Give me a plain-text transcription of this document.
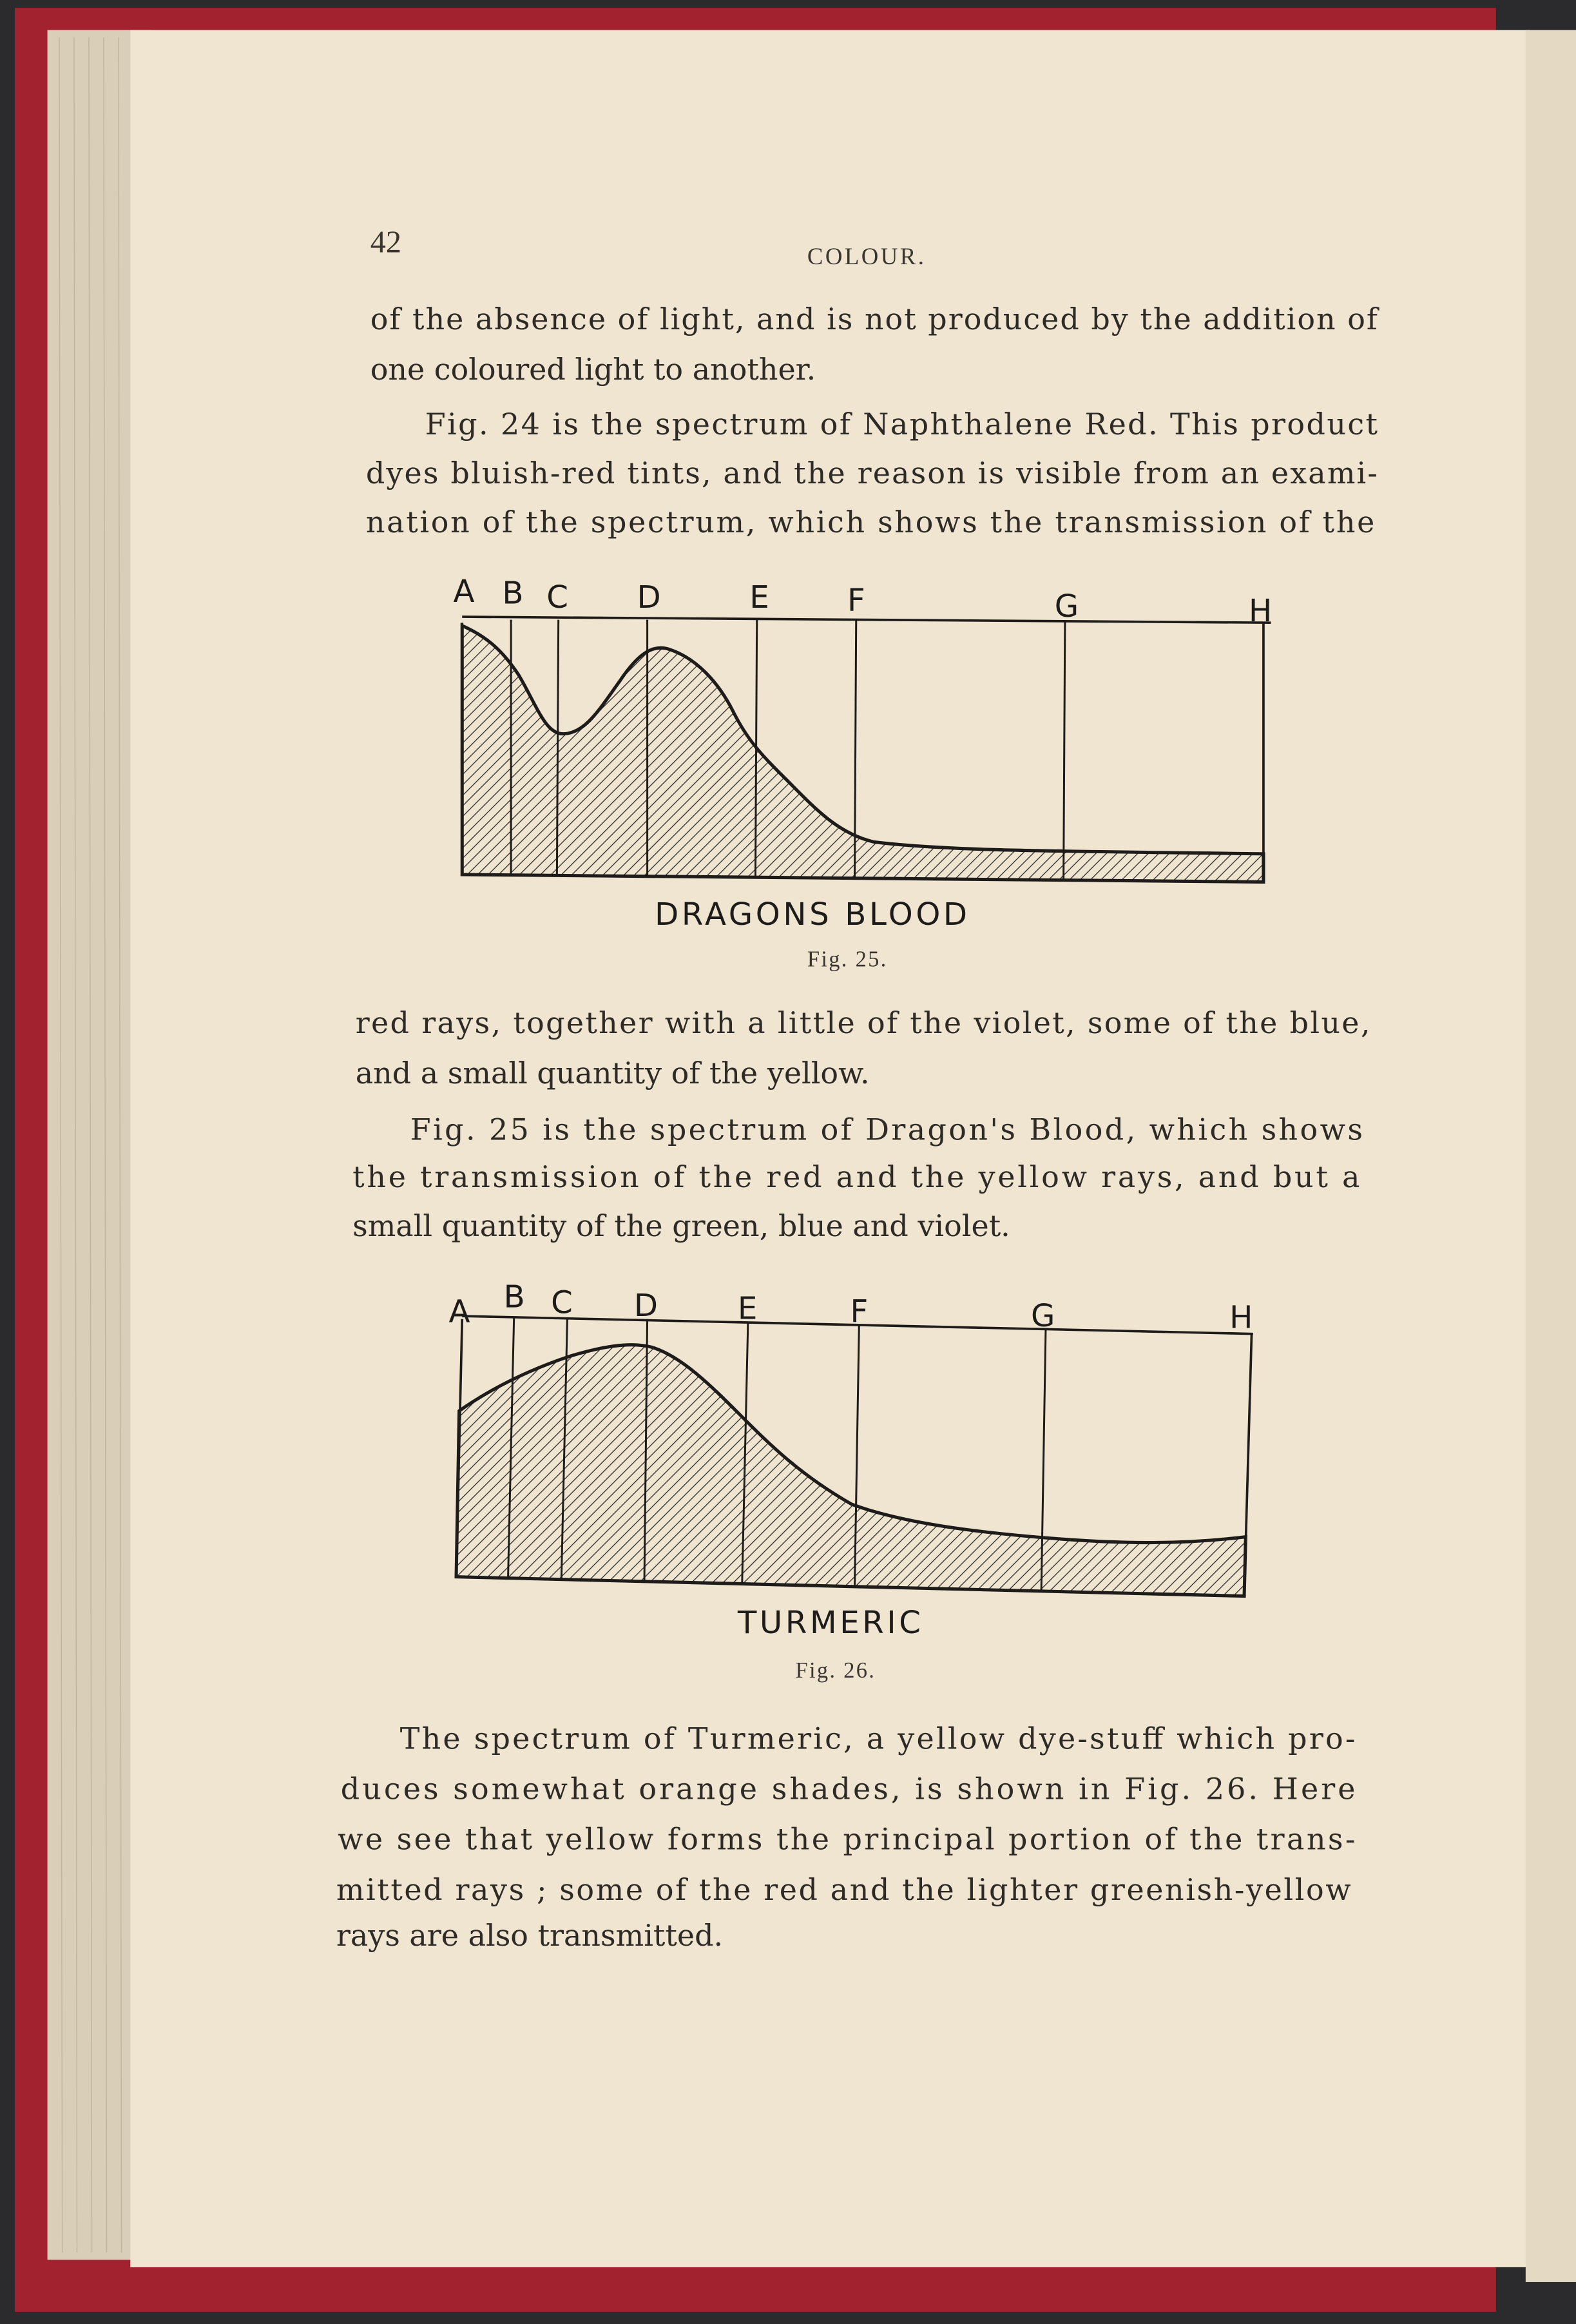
42	COLOUR.
of the absence of light, and is not produced by the addition of
one coloured light to another.
Fig. 24 is the spectrum of Naphthalene Red. This product
dyes bluish-red tints, and the reason is visible from an exami-
nation of the spectrum, which shows the transmission of the
red rays, together with a little of the violet, some of the blue,
and a small quantity of the yellow.
Fig. 25 is the spectrum of Dragon's Blood, which shows
the transmission of the red and the yellow rays, and but a
small quantity of the green, blue and violet.
The spectrum of Turmeric, a yellow dye-stuff which pro-
duces somewhat orange shades, is shown in Fig. 26. Here
we see that yellow forms the principal portion of the trans-
mitted rays ; some of the red and the lighter greenish-yellow
rays are also transmitted.
A B C	D	E	F	G	H
DRAGONS BLOOD
Fig. 25.
A B C	D	E	F	G	H
TURMERIC
Fig. 26.
